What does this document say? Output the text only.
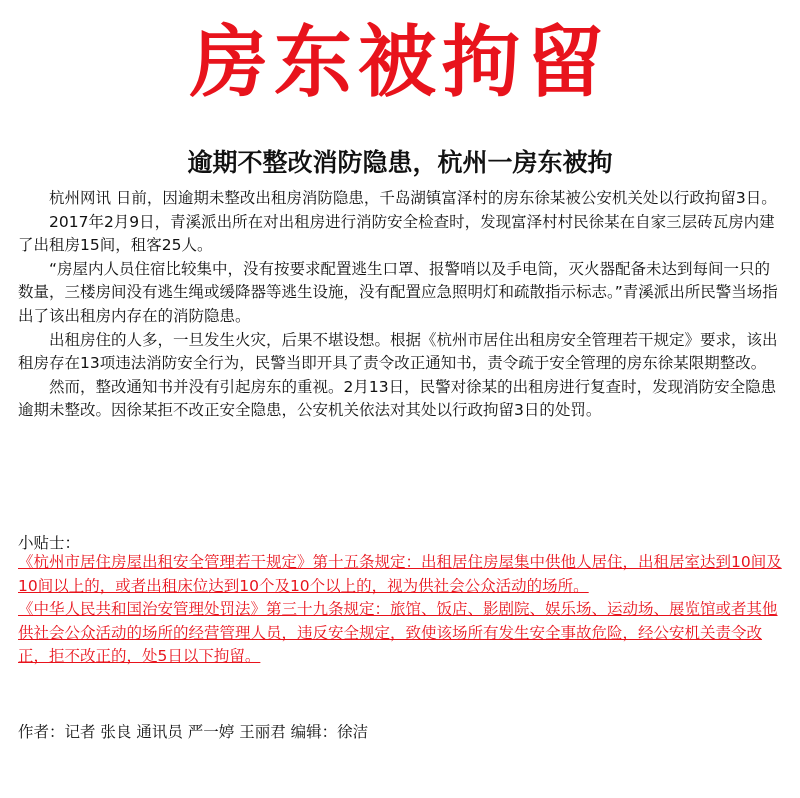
房东被拘留
逾期不整改消防隐患，杭州一房东被拘

杭州网讯 日前，因逾期未整改出租房消防隐患，千岛湖镇富泽村的房东徐某被公安机关处以行政拘留3日。

2017年2月9日，青溪派出所在对出租房进行消防安全检查时，发现富泽村村民徐某在自家三层砖瓦房内建了出租房15间，租客25人。

“房屋内人员住宿比较集中，没有按要求配置逃生口罩、报警哨以及手电筒，灭火器配备未达到每间一只的数量，三楼房间没有逃生绳或缓降器等逃生设施，没有配置应急照明灯和疏散指示标志。”青溪派出所民警当场指出了该出租房内存在的消防隐患。

出租房住的人多，一旦发生火灾，后果不堪设想。根据《杭州市居住出租房安全管理若干规定》要求，该出租房存在13项违法消防安全行为，民警当即开具了责令改正通知书，责令疏于安全管理的房东徐某限期整改。

然而，整改通知书并没有引起房东的重视。2月13日，民警对徐某的出租房进行复查时，发现消防安全隐患逾期未整改。因徐某拒不改正安全隐患，公安机关依法对其处以行政拘留3日的处罚。

小贴士：

《杭州市居住房屋出租安全管理若干规定》第十五条规定：出租居住房屋集中供他人居住，出租居室达到10间及10间以上的，或者出租床位达到10个及10个以上的，视为供社会公众活动的场所。

《中华人民共和国治安管理处罚法》第三十九条规定：旅馆、饭店、影剧院、娱乐场、运动场、展览馆或者其他供社会公众活动的场所的经营管理人员，违反安全规定，致使该场所有发生安全事故危险，经公安机关责令改正，拒不改正的，处5日以下拘留。

作者：记者 张良 通讯员 严一婷 王丽君 编辑：徐洁
